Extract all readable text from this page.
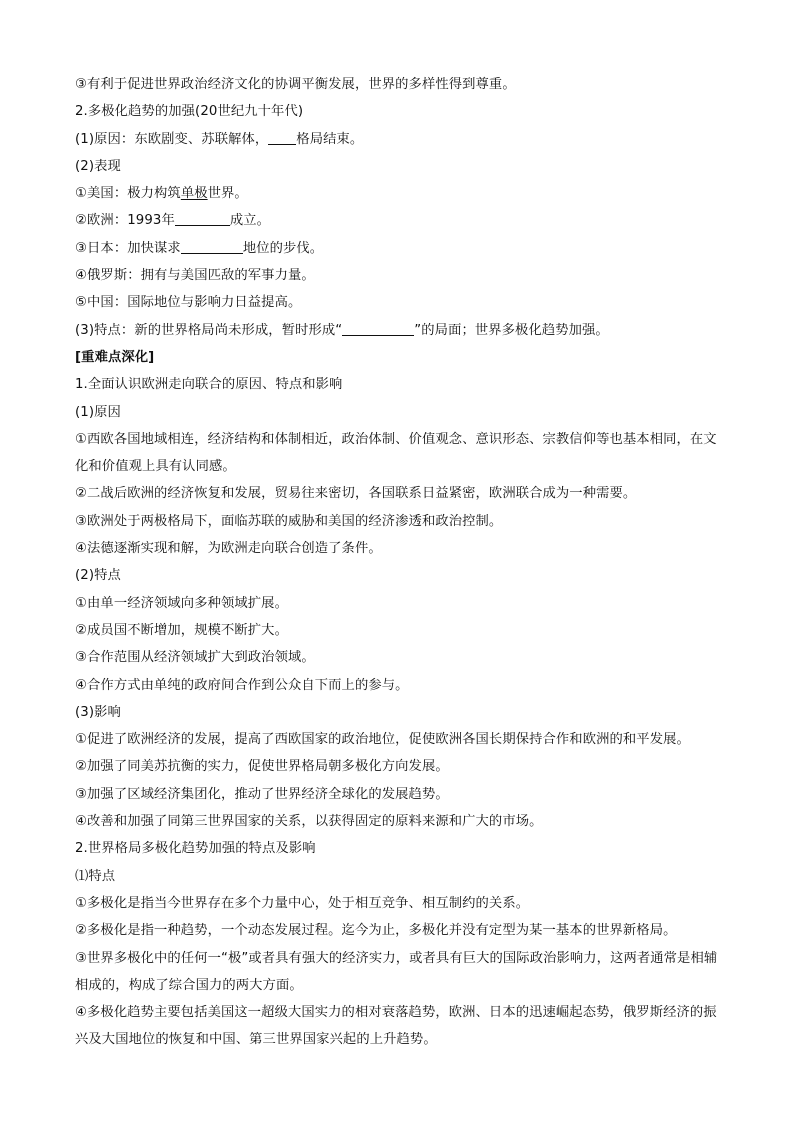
③有利于促进世界政治经济文化的协调平衡发展，世界的多样性得到尊重。
2.多极化趋势的加强(20世纪九十年代)
(1)原因：东欧剧变、苏联解体， 格局结束。
(2)表现
①美国：极力构筑单极世界。
②欧洲：1993年	成立。
③日本：加快谋求	地位的步伐。
④俄罗斯：拥有与美国匹敌的军事力量。
⑤中国：国际地位与影响力日益提高。
(3)特点：新的世界格局尚未形成，暂时形成“	”的局面；世界多极化趋势加强。
[重难点深化]
1.全面认识欧洲走向联合的原因、特点和影响
(1)原因
①西欧各国地域相连，经济结构和体制相近，政治体制、价值观念、意识形态、宗教信仰等也基本相同，在文化和价值观上具有认同感。
②二战后欧洲的经济恢复和发展，贸易往来密切，各国联系日益紧密，欧洲联合成为一种需要。
③欧洲处于两极格局下，面临苏联的威胁和美国的经济渗透和政治控制。
④法德逐渐实现和解，为欧洲走向联合创造了条件。
(2)特点
①由单一经济领域向多种领域扩展。
②成员国不断增加，规模不断扩大。
③合作范围从经济领域扩大到政治领域。
④合作方式由单纯的政府间合作到公众自下而上的参与。
(3)影响
①促进了欧洲经济的发展，提高了西欧国家的政治地位，促使欧洲各国长期保持合作和欧洲的和平发展。
②加强了同美苏抗衡的实力，促使世界格局朝多极化方向发展。
③加强了区域经济集团化，推动了世界经济全球化的发展趋势。
④改善和加强了同第三世界国家的关系，以获得固定的原料来源和广大的市场。
2.世界格局多极化趋势加强的特点及影响
⑴特点
①多极化是指当今世界存在多个力量中心，处于相互竞争、相互制约的关系。
②多极化是指一种趋势，一个动态发展过程。迄今为止，多极化并没有定型为某一基本的世界新格局。
③世界多极化中的任何一“极”或者具有强大的经济实力，或者具有巨大的国际政治影响力，这两者通常是相辅相成的，构成了综合国力的两大方面。
④多极化趋势主要包括美国这一超级大国实力的相对衰落趋势，欧洲、日本的迅速崛起态势，俄罗斯经济的振兴及大国地位的恢复和中国、第三世界国家兴起的上升趋势。
